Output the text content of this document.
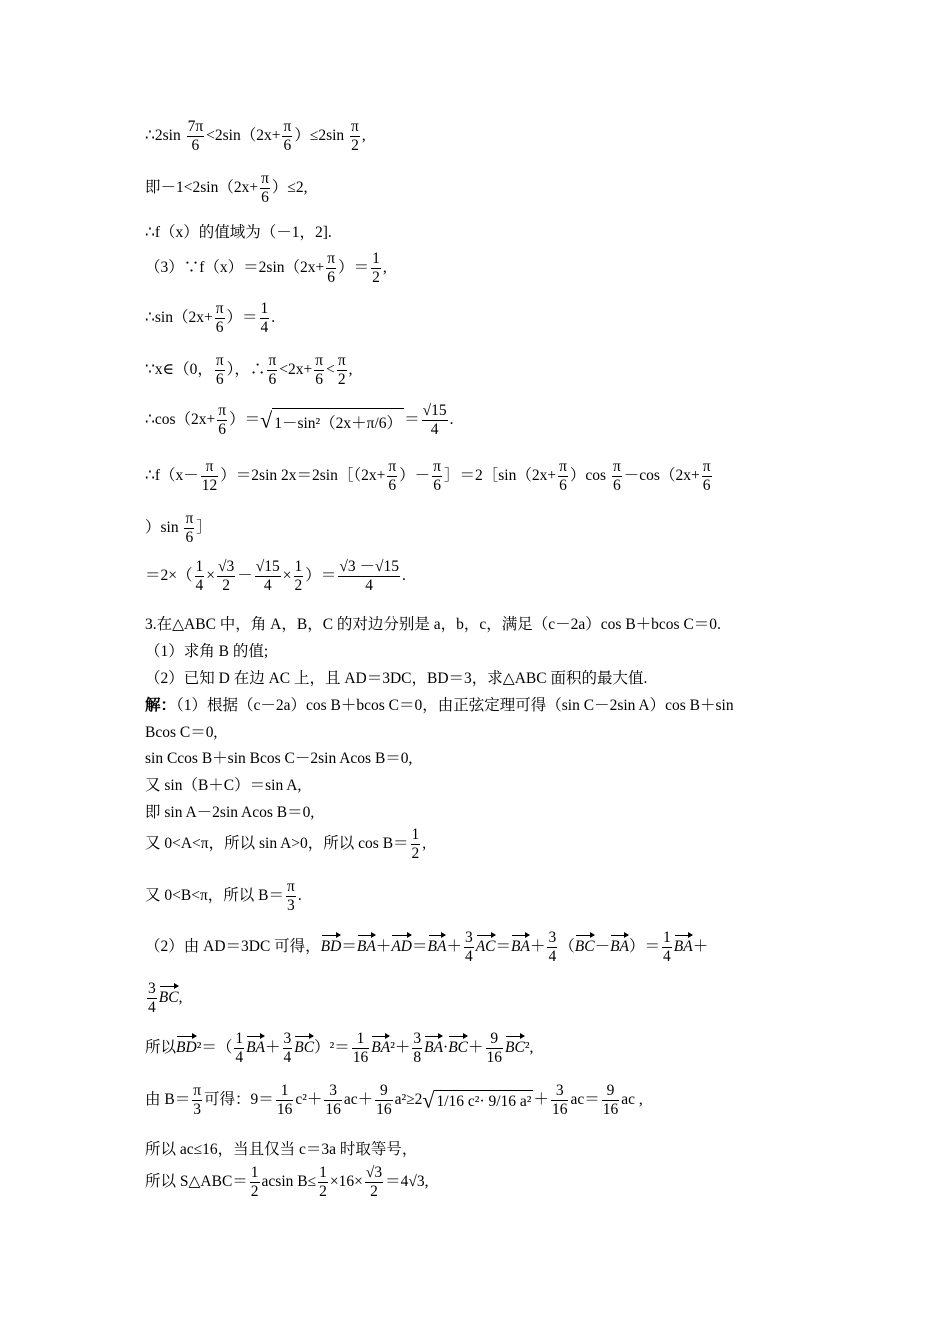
∴2sin $\frac{7\pi}{6} <2\sin(2x+ \frac{\pi}{6} )\le 2\sin \frac{\pi}{2}$ ,
即$-1<2\sin(2x+ \frac{\pi}{6} )\le 2$,
∴f（x）的值域为（－1，2].
（3）∵f（x）＝2sin（2x+ $\frac{\pi}{6}$ ）＝ $\frac{1}{2}$ ,
∴sin（2x+ $\frac{\pi}{6}$ ）＝ $\frac{1}{4}$ .
∵x∈（0， $\frac{\pi}{6}$ ），∴ $\frac{\pi}{6} <2x+ \frac{\pi}{6} < \frac{\pi}{2}$ ,
∴cos（2x+ $\frac{\pi}{6}$ ）＝√ $1-\sin^2(2x+\pi/6) = \frac{√15}{4}$ .
∴f（x－ $\frac{\pi}{12} )=2\sin$ 2x＝2sin［（2x+ $\frac{\pi}{6}$ ）－ $\frac{\pi}{6}$ ］＝2［sin（2x+ $\frac{\pi}{6} )\cos \frac{\pi}{6} -\cos(2x+ \frac{\pi}{6}$
）$\sin \frac{\pi}{6}$ ］
$=2\times( \frac{1}{4} \times \frac{√3}{2} - \frac{√15}{4} \times \frac{1}{2}$ ）＝ $\frac{√3 -√15}{4}$ .
3.在△ABC 中，角 A，B，C 的对边分别是 a，b，c，满足（c－2a）cos B＋bcos C＝0.
（1）求角 B 的值;
（2）已知 D 在边 AC 上，且 AD＝3DC，BD＝3，求△ABC 面积的最大值.
解：（1）根据（c－2a）cos B＋bcos C＝0，由正弦定理可得（sin C－2sin A）cos B＋sin
Bcos C＝0,
sin Ccos B＋sin Bcos C－2sin Acos B＝0,
又 sin（B＋C）＝sin A,
即 sin A－2sin Acos B＝0,
又 0<A<π，所以 sin A>0，所以 $\cos B= \frac{1}{2}$ ,
又 0<B<π，所以 $B= \frac{\pi}{3}$ .
（2）由 AD＝3DC 可得，$BD=BA+AD=BA+ \frac{3}{4} AC=BA+ \frac{3}{4} (BC-BA)= \frac{1}{4} BA+$
$\frac{3}{4}$ BC,
所以$BD^2=( \frac{1}{4} BA+ \frac{3}{4} BC)^2= \frac{1}{16} BA^2+ \frac{3}{8} BA\cdot BC+ \frac{9}{16} BC^2$,
由 $B= \frac{\pi}{3}$ 可得：$9= \frac{1}{16} c^2+ \frac{3}{16} ac+ \frac{9}{16} a^2\ge 2√$ 1/16 c²· 9/16 $a^2 + \frac{3}{16} ac= \frac{9}{16}$ ac ,
所以 ac≤16，当且仅当 c＝3a 时取等号，
所以 S△ABC＝ $\frac{1}{2}$ acsin $B\le \frac{1}{2} \times 16\times \frac{√3}{2} =4√3$,
